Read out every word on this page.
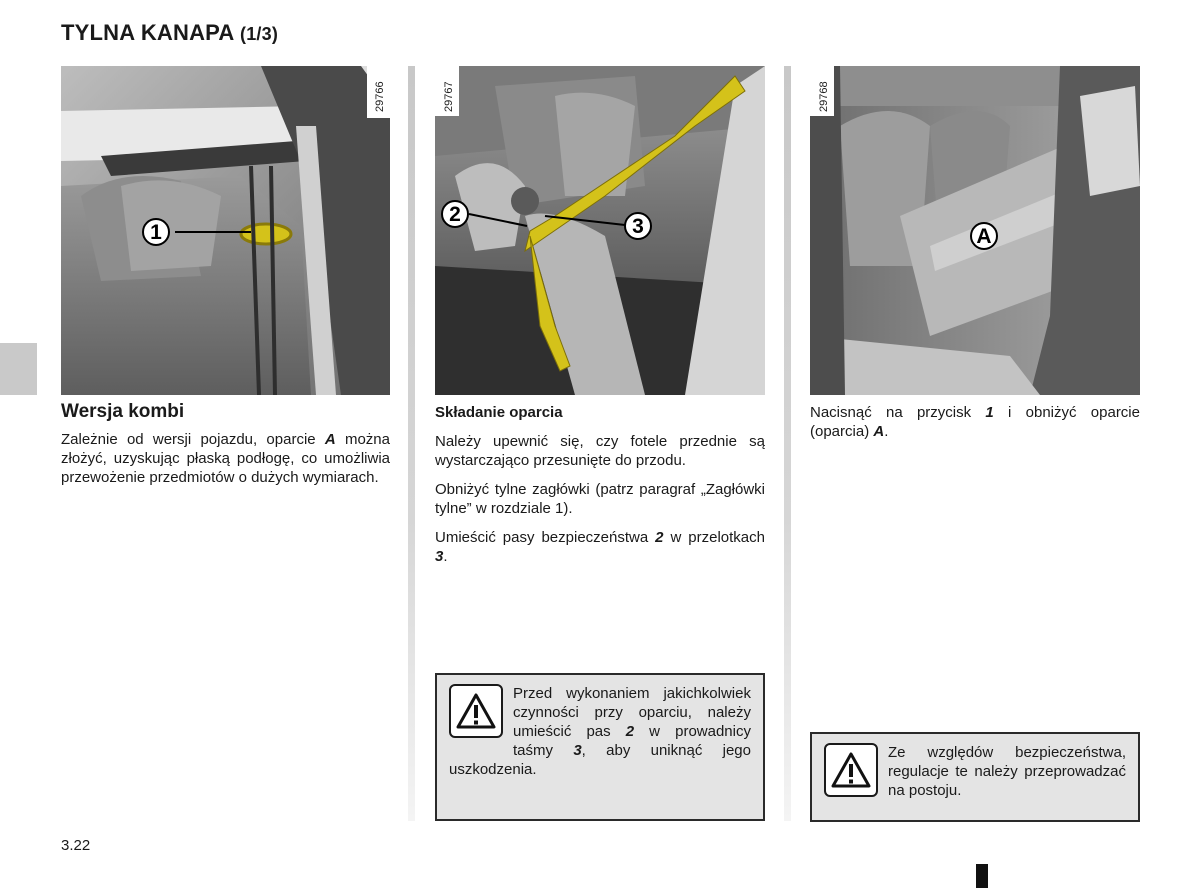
TYLNA KANAPA (1/3)
29766
1
29767
2
3
29768
A
Wersja kombi

Zależnie od wersji pojazdu, oparcie A można złożyć, uzyskując płaską podłogę, co umożliwia przewożenie przedmiotów o dużych wymiarach.

Składanie oparcia

Należy upewnić się, czy fotele przednie są wystarczająco przesunięte do przodu.

Obniżyć tylne zagłówki (patrz paragraf „Zagłówki tylne” w rozdziale 1).

Umieścić pasy bezpieczeństwa 2 w przelotkach 3.

Przed wykonaniem jakichkolwiek czynności przy oparciu, należy umieścić pas 2 w prowadnicy taśmy 3, aby uniknąć jego uszkodzenia.

Nacisnąć na przycisk 1 i obniżyć oparcie (oparcia) A.

Ze względów bezpieczeństwa, regulacje te należy przeprowadzać na postoju.
3.22
